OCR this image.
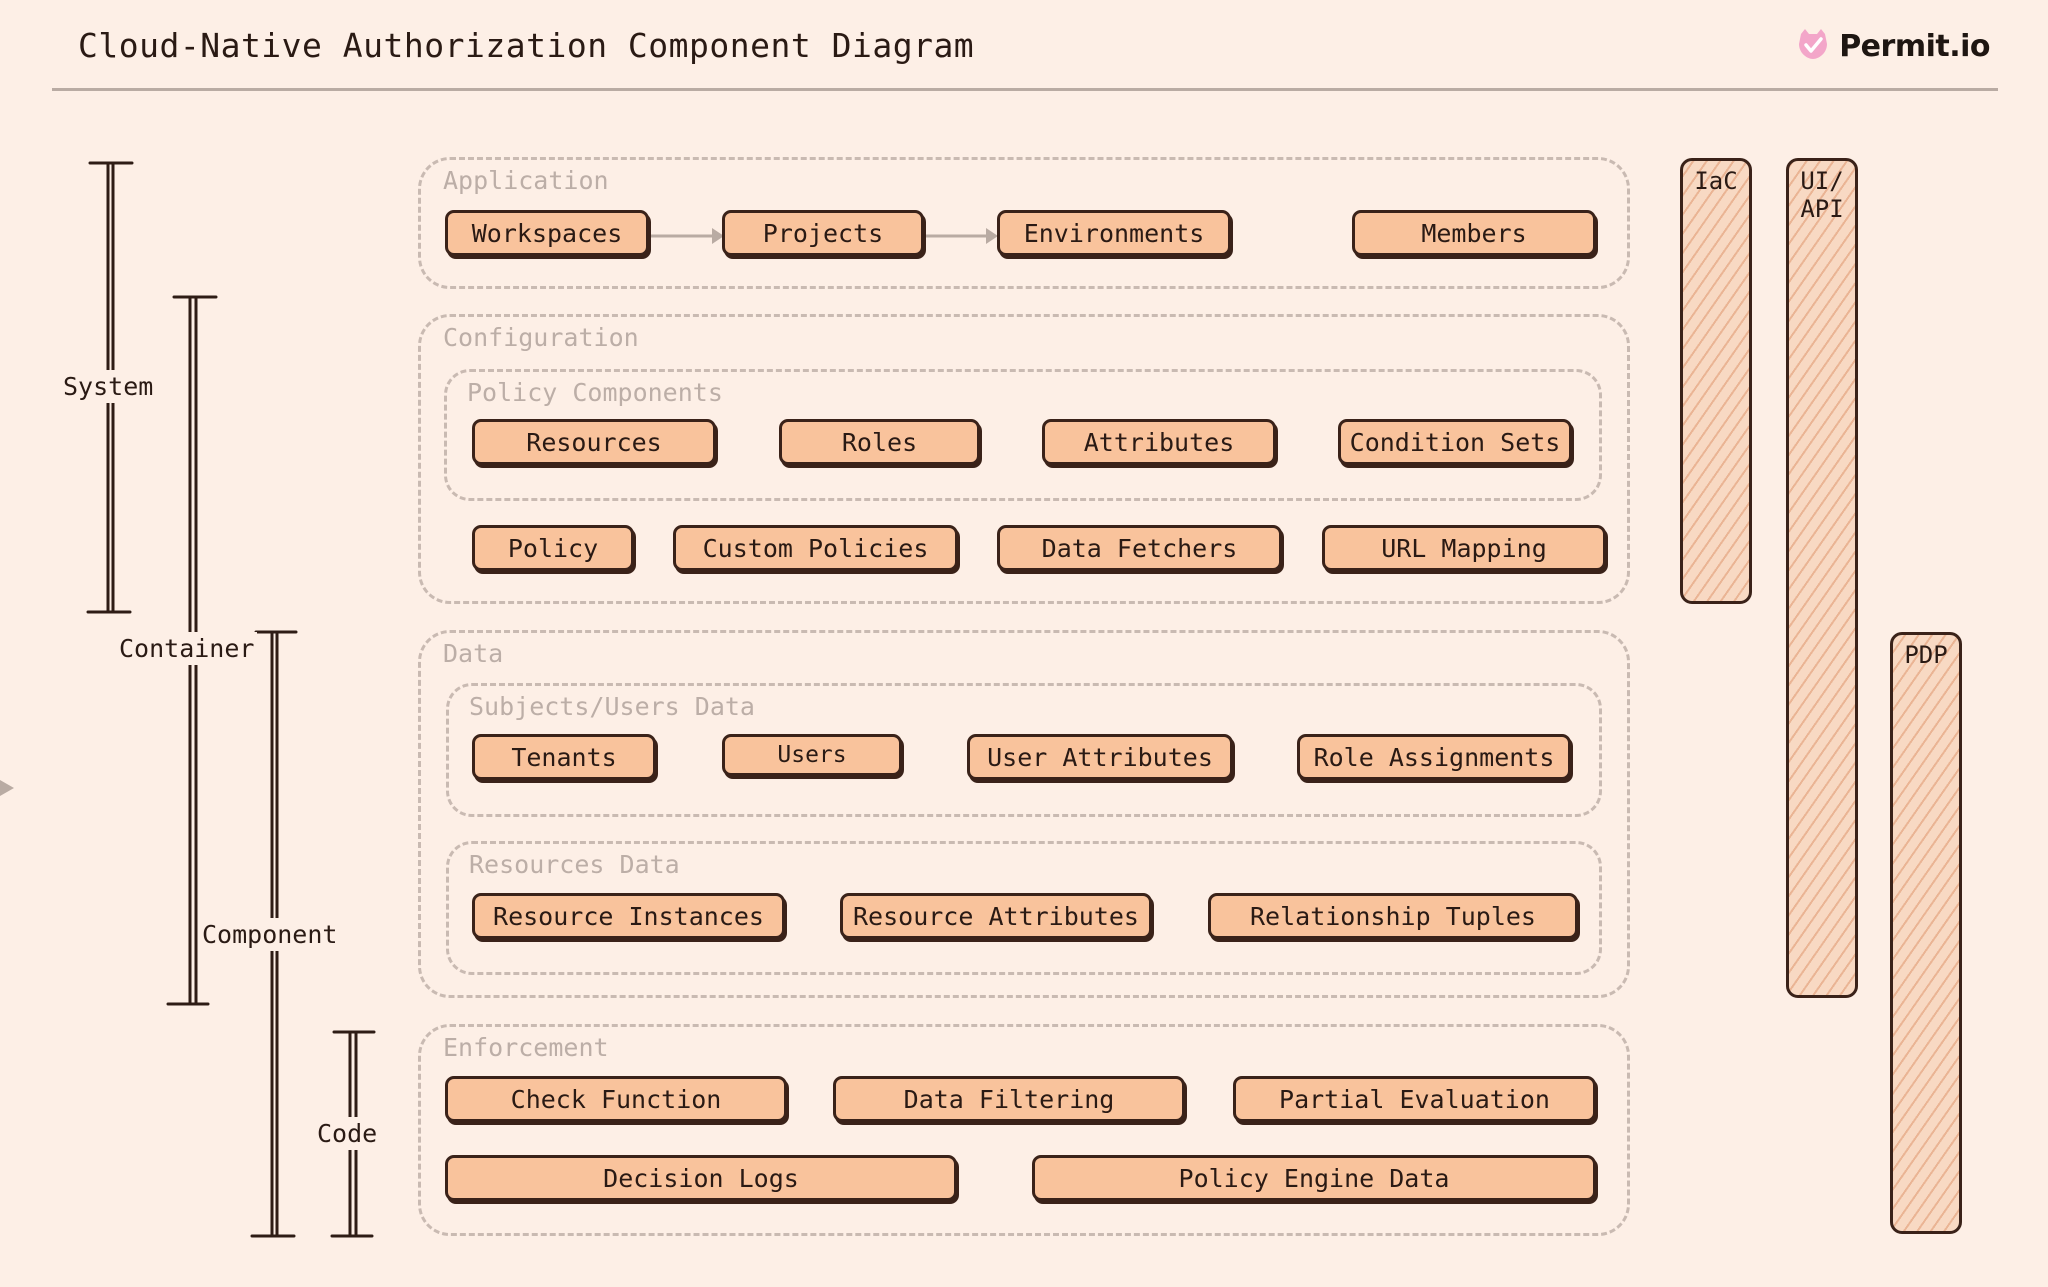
Cloud-Native Authorization Component Diagram	Permit.io
System
Container
Component
Code
Application
Workspaces	Projects	Environments	Members
Configuration
Policy Components
Resources	Roles	Attributes	Condition Sets
Policy	Custom Policies	Data Fetchers	URL Mapping
Data
Subjects/Users Data
Resources Data
Tenants	Users	User Attributes	Role Assignments
Resource Instances	Resource Attributes	Relationship Tuples
Enforcement
Check Function	Data Filtering	Partial Evaluation
Decision Logs	Policy Engine Data
IaC	UI/
API
PDP
